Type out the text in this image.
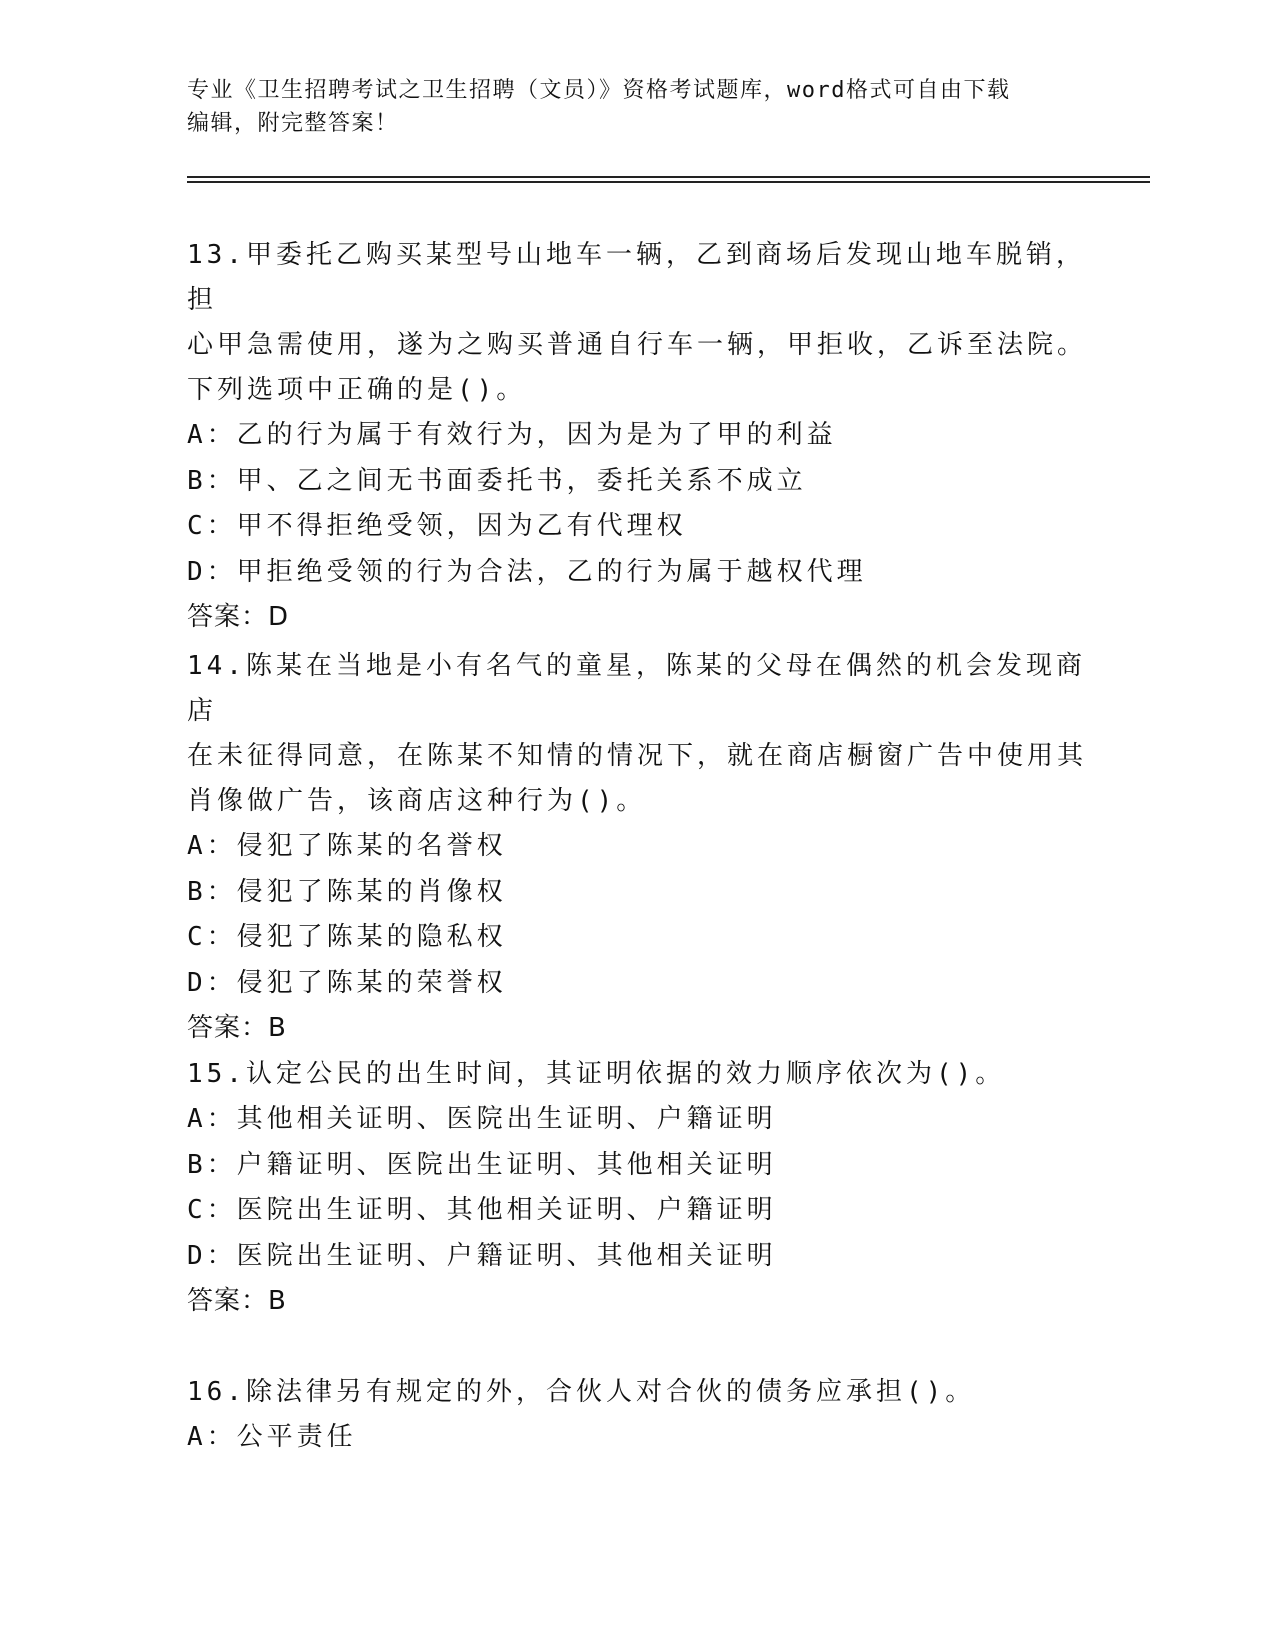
专业《卫生招聘考试之卫生招聘（文员）》资格考试题库，word格式可自由下载
编辑，附完整答案！
13.甲委托乙购买某型号山地车一辆，乙到商场后发现山地车脱销，担
心甲急需使用，遂为之购买普通自行车一辆，甲拒收，乙诉至法院。
下列选项中正确的是()。
A：乙的行为属于有效行为，因为是为了甲的利益
B：甲、乙之间无书面委托书，委托关系不成立
C：甲不得拒绝受领，因为乙有代理权
D：甲拒绝受领的行为合法，乙的行为属于越权代理
答案：D
14.陈某在当地是小有名气的童星，陈某的父母在偶然的机会发现商店
在未征得同意，在陈某不知情的情况下，就在商店橱窗广告中使用其
肖像做广告，该商店这种行为()。
A：侵犯了陈某的名誉权
B：侵犯了陈某的肖像权
C：侵犯了陈某的隐私权
D：侵犯了陈某的荣誉权
答案：B
15.认定公民的出生时间，其证明依据的效力顺序依次为()。
A：其他相关证明、医院出生证明、户籍证明
B：户籍证明、医院出生证明、其他相关证明
C：医院出生证明、其他相关证明、户籍证明
D：医院出生证明、户籍证明、其他相关证明
答案：B
16.除法律另有规定的外，合伙人对合伙的债务应承担()。
A：公平责任
